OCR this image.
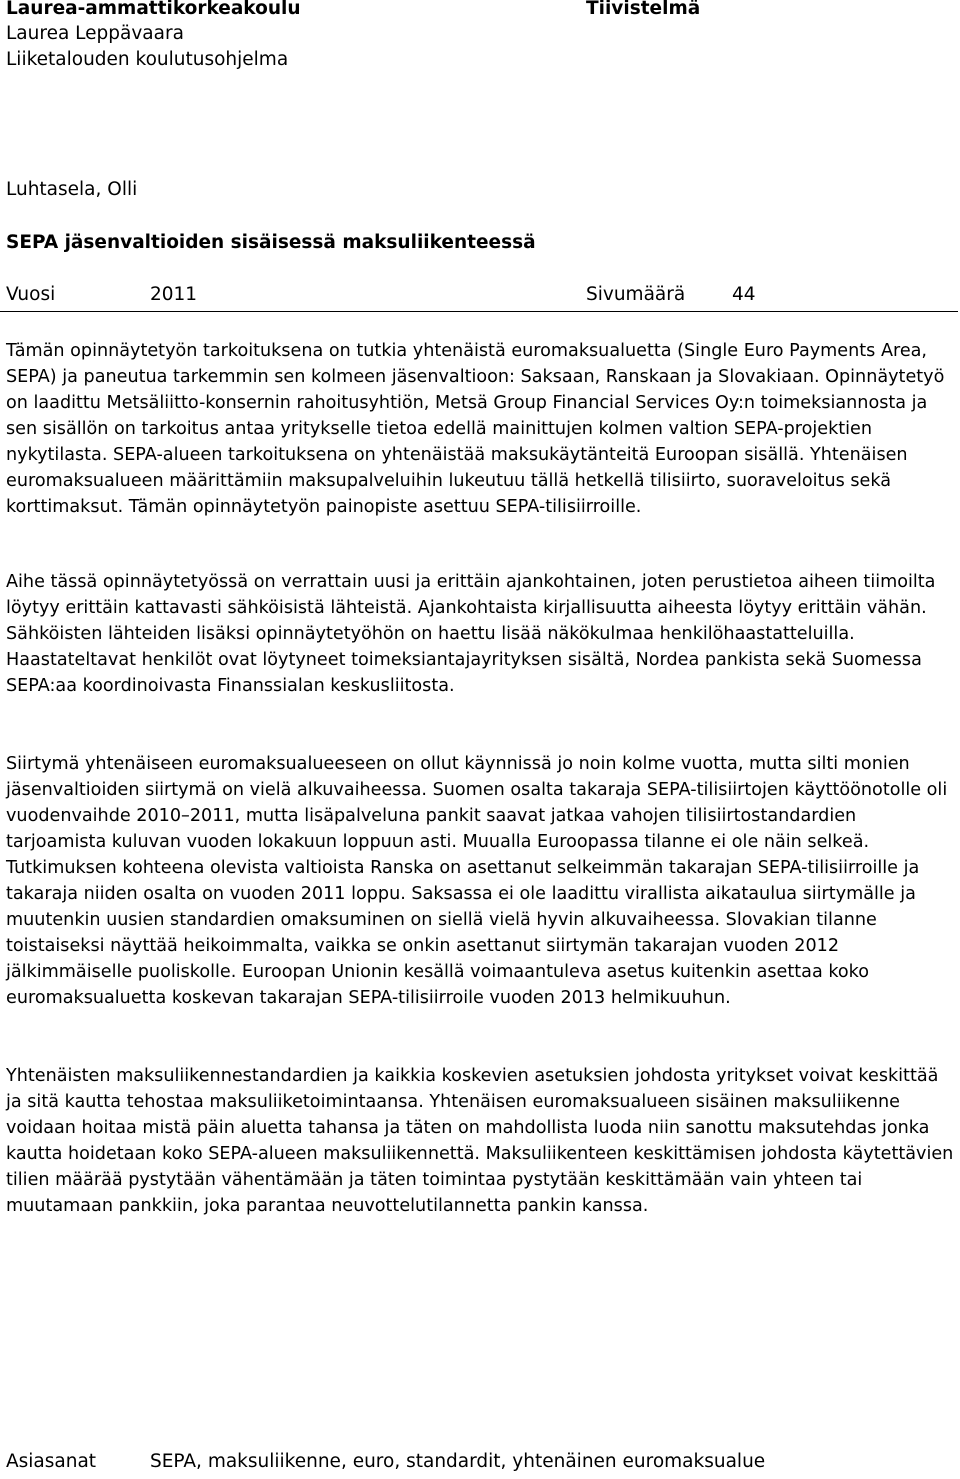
Laurea-ammattikorkeakoulu
Laurea Leppävaara
Liiketalouden koulutusohjelma
Tiivistelmä
Luhtasela, Olli
SEPA jäsenvaltioiden sisäisessä maksuliikenteessä
Vuosi	2011	Sivumäärä	44

Tämän opinnäytetyön tarkoituksena on tutkia yhtenäistä euromaksualuetta (Single Euro Payments Area, SEPA) ja paneutua tarkemmin sen kolmeen jäsenvaltioon: Saksaan, Ranskaan ja Slovakiaan. Opinnäytetyö on laadittu Metsäliitto-konsernin rahoitusyhtiön, Metsä Group Financial Services Oy:n toimeksiannosta ja sen sisällön on tarkoitus antaa yritykselle tietoa edellä mainittujen kolmen valtion SEPA-projektien nykytilasta. SEPA-alueen tarkoituksena on yhtenäistää maksukäytänteitä Euroopan sisällä. Yhtenäisen euromaksualueen määrittämiin maksupalveluihin lukeutuu tällä hetkellä tilisiirto, suoraveloitus sekä korttimaksut. Tämän opinnäytetyön painopiste asettuu SEPA-tilisiirroille.

Aihe tässä opinnäytetyössä on verrattain uusi ja erittäin ajankohtainen, joten perustietoa aiheen tiimoilta löytyy erittäin kattavasti sähköisistä lähteistä. Ajankohtaista kirjallisuutta aiheesta löytyy erittäin vähän. Sähköisten lähteiden lisäksi opinnäytetyöhön on haettu lisää näkökulmaa henkilöhaastatteluilla. Haastateltavat henkilöt ovat löytyneet toimeksiantajayrityksen sisältä, Nordea pankista sekä Suomessa SEPA:aa koordinoivasta Finanssialan keskusliitosta.

Siirtymä yhtenäiseen euromaksualueeseen on ollut käynnissä jo noin kolme vuotta, mutta silti monien jäsenvaltioiden siirtymä on vielä alkuvaiheessa. Suomen osalta takaraja SEPA-tilisiirtojen käyttöönotolle oli vuodenvaihde 2010–2011, mutta lisäpalveluna pankit saavat jatkaa vahojen tilisiirtostandardien tarjoamista kuluvan vuoden lokakuun loppuun asti. Muualla Euroopassa tilanne ei ole näin selkeä. Tutkimuksen kohteena olevista valtioista Ranska on asettanut selkeimmän takarajan SEPA-tilisiirroille ja takaraja niiden osalta on vuoden 2011 loppu. Saksassa ei ole laadittu virallista aikataulua siirtymälle ja muutenkin uusien standardien omaksuminen on siellä vielä hyvin alkuvaiheessa. Slovakian tilanne toistaiseksi näyttää heikoimmalta, vaikka se onkin asettanut siirtymän takarajan vuoden 2012 jälkimmäiselle puoliskolle. Euroopan Unionin kesällä voimaantuleva asetus kuitenkin asettaa koko euromaksualuetta koskevan takarajan SEPA-tilisiirroile vuoden 2013 helmikuuhun.

Yhtenäisten maksuliikennestandardien ja kaikkia koskevien asetuksien johdosta yritykset voivat keskittää ja sitä kautta tehostaa maksuliiketoimintaansa. Yhtenäisen euromaksualueen sisäinen maksuliikenne voidaan hoitaa mistä päin aluetta tahansa ja täten on mahdollista luoda niin sanottu maksutehdas jonka kautta hoidetaan koko SEPA-alueen maksuliikennettä. Maksuliikenteen keskittämisen johdosta käytettävien tilien määrää pystytään vähentämään ja täten toimintaa pystytään keskittämään vain yhteen tai muutamaan pankkiin, joka parantaa neuvottelutilannetta pankin kanssa.

Asiasanat	SEPA, maksuliikenne, euro, standardit, yhtenäinen euromaksualue
